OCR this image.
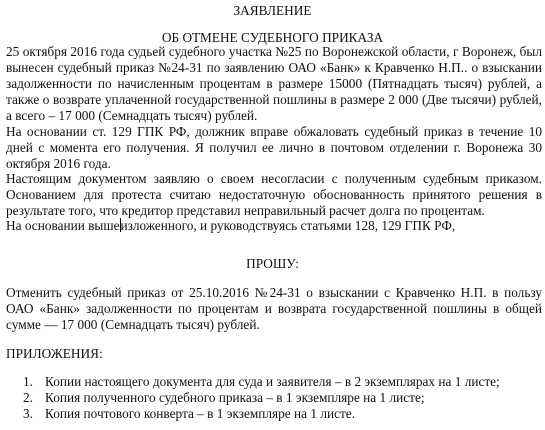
ЗАЯВЛЕНИЕ
ОБ ОТМЕНЕ СУДЕБНОГО ПРИКАЗА
25 октября 2016 года судьей судебного участка №25 по Воронежской области, г Воронеж, был вынесен судебный приказ №24-31 по заявлению ОАО «Банк» к Кравченко Н.П.. о взыскании задолженности по начисленным процентам в размере 15000 (Пятнадцать тысяч) рублей, а также о возврате уплаченной государственной пошлины в размере 2 000 (Две тысячи) рублей, а всего – 17 000 (Семнадцать тысяч) рублей.
На основании ст. 129 ГПК РФ, должник вправе обжаловать судебный приказ в течение 10 дней с момента его получения. Я получил ее лично в почтовом отделении г. Воронежа 30 октября 2016 года.
Настоящим документом заявляю о своем несогласии с полученным судебным приказом. Основанием для протеста считаю недостаточную обоснованность принятого решения в результате того, что кредитор представил неправильный расчет долга по процентам.
На основании вышеизложенного, и руководствуясь статьями 128, 129 ГПК РФ,
ПРОШУ:
Отменить судебный приказ от 25.10.2016 №24-31 о взыскании с Кравченко Н.П. в пользу ОАО «Банк» задолженности по процентам и возврата государственной пошлины в общей сумме — 17 000 (Семнадцать тысяч) рублей.
ПРИЛОЖЕНИЯ:
1. Копии настоящего документа для суда и заявителя – в 2 экземплярах на 1 листе;
2. Копия полученного судебного приказа – в 1 экземпляре на 1 листе;
3. Копия почтового конверта – в 1 экземпляре на 1 листе.
